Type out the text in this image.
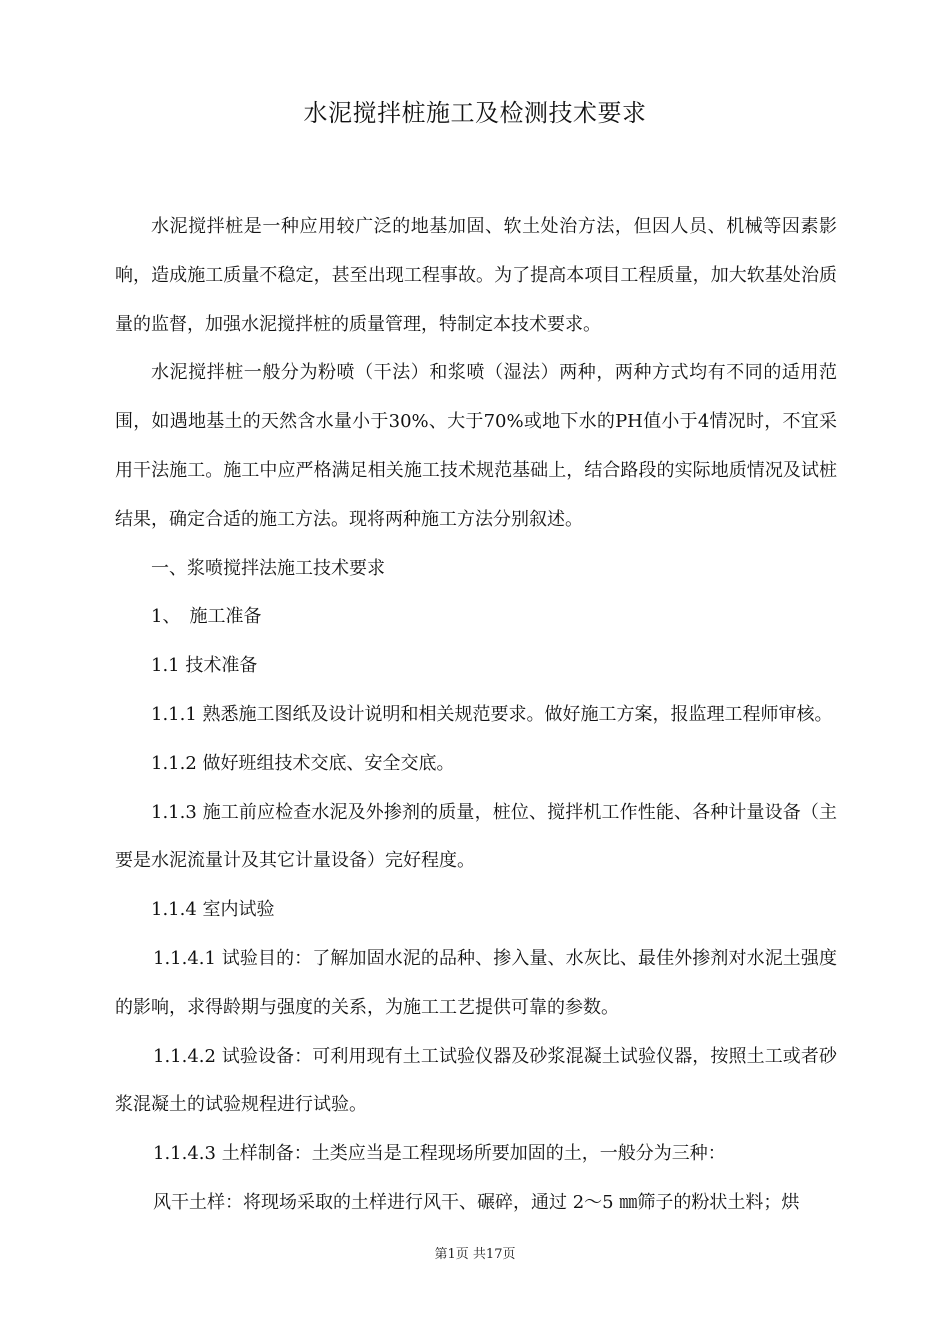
水泥搅拌桩施工及检测技术要求

水泥搅拌桩是一种应用较广泛的地基加固、软土处治方法，但因人员、机械等因素影响，造成施工质量不稳定，甚至出现工程事故。为了提高本项目工程质量，加大软基处治质量的监督，加强水泥搅拌桩的质量管理，特制定本技术要求。

水泥搅拌桩一般分为粉喷（干法）和浆喷（湿法）两种，两种方式均有不同的适用范围，如遇地基土的天然含水量小于30%、大于70%或地下水的PH值小于4情况时，不宜采用干法施工。施工中应严格满足相关施工技术规范基础上，结合路段的实际地质情况及试桩结果，确定合适的施工方法。现将两种施工方法分别叙述。

一、浆喷搅拌法施工技术要求

1、　施工准备

1.1 技术准备

1.1.1 熟悉施工图纸及设计说明和相关规范要求。做好施工方案，报监理工程师审核。

1.1.2 做好班组技术交底、安全交底。

1.1.3 施工前应检查水泥及外掺剂的质量，桩位、搅拌机工作性能、各种计量设备（主要是水泥流量计及其它计量设备）完好程度。

1.1.4 室内试验

1.1.4.1 试验目的：了解加固水泥的品种、掺入量、水灰比、最佳外掺剂对水泥土强度的影响，求得龄期与强度的关系，为施工工艺提供可靠的参数。

1.1.4.2 试验设备：可利用现有土工试验仪器及砂浆混凝土试验仪器，按照土工或者砂浆混凝土的试验规程进行试验。

1.1.4.3 土样制备：土类应当是工程现场所要加固的土，一般分为三种：

风干土样：将现场采取的土样进行风干、碾碎，通过 2～5 ㎜筛子的粉状土料；烘

第1页 共17页
